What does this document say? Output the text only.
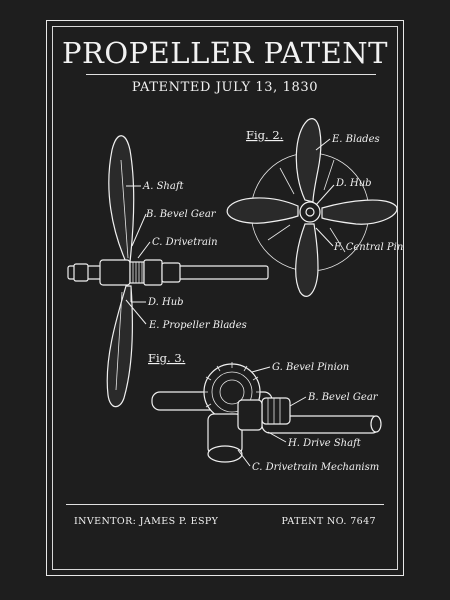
PROPELLER PATENT
PATENTED JULY 13, 1830
A. Shaft
B. Bevel Gear
C. Drivetrain
D. Hub
E. Propeller Blades
Fig. 2.	E. Blades
D. Hub
F. Central Pin
Fig. 3.
G. Bevel Pinion
B. Bevel Gear
H. Drive Shaft
C. Drivetrain Mechanism
INVENTOR: JAMES P. ESPY	PATENT NO. 7647
